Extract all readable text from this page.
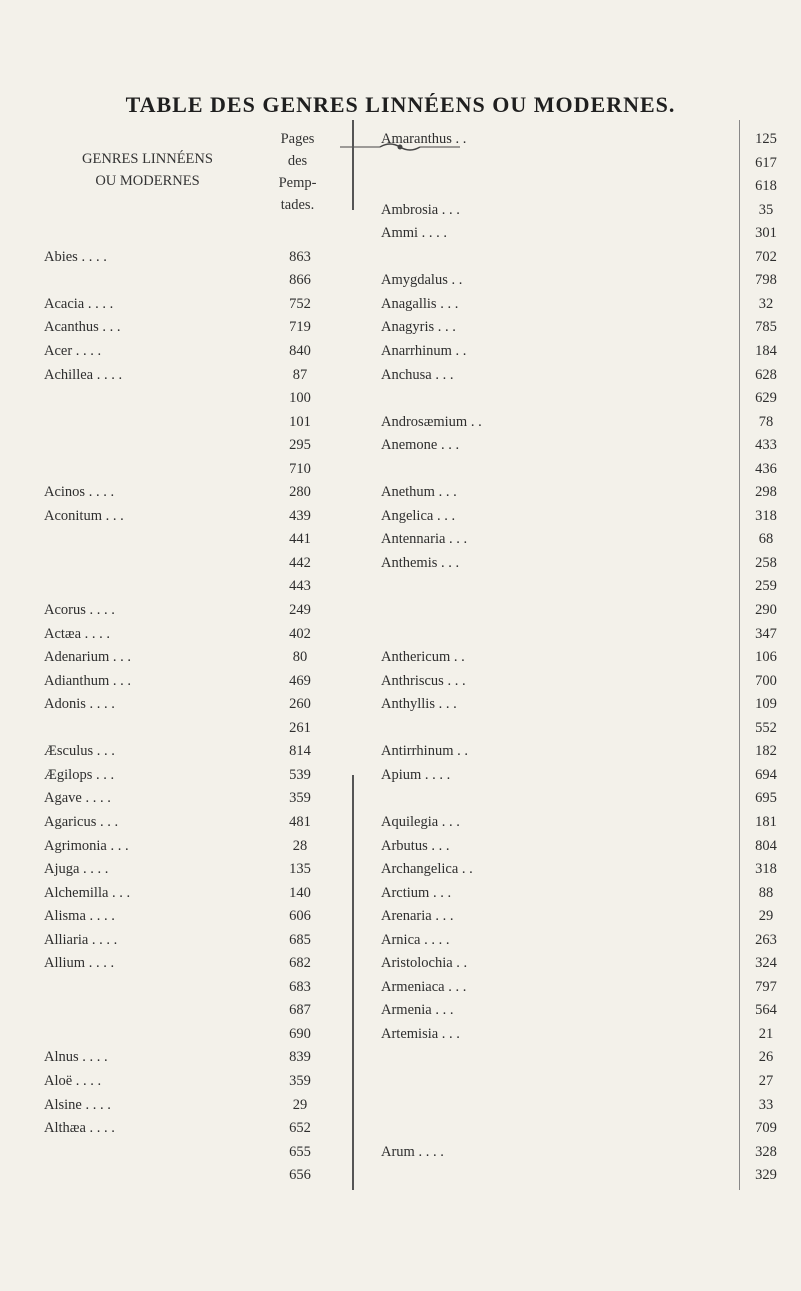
TABLE DES GENRES LINNÉENS OU MODERNES.
GENRES LINNÉENS
OU MODERNES
Pages
des
Pemp-
tades.
Abies . . . .	863
866
Acacia . . . .	752
Acanthus . . .	719
Acer . . . .	840
Achillea . . . .	87
100
101
295
710
Acinos . . . .	280
Aconitum . . .	439
441
442
443
Acorus . . . .	249
Actæa . . . .	402
Adenarium . . .	80
Adianthum . . .	469
Adonis . . . .	260
261
Æsculus . . .	814
Ægilops . . .	539
Agave . . . .	359
Agaricus . . .	481
Agrimonia . . .	28
Ajuga . . . .	135
Alchemilla . . .	140
Alisma . . . .	606
Alliaria . . . .	685
Allium . . . .	682
683
687
690
Alnus . . . .	839
Aloë . . . .	359
Alsine . . . .	29
Althæa . . . .	652
655
656
Amaranthus . .	125
617
618
Ambrosia . . .	35
Ammi . . . .	301
702
Amygdalus . .	798
Anagallis . . .	32
Anagyris . . .	785
Anarrhinum . .	184
Anchusa . . .	628
629
Androsæmium . .	78
Anemone . . .	433
436
Anethum . . .	298
Angelica . . .	318
Antennaria . . .	68
Anthemis . . .	258
259
290
347
Anthericum . .	106
Anthriscus . . .	700
Anthyllis . . .	109
552
Antirrhinum . .	182
Apium . . . .	694
695
Aquilegia . . .	181
Arbutus . . .	804
Archangelica . .	318
Arctium . . .	88
Arenaria . . .	29
Arnica . . . .	263
Aristolochia . .	324
Armeniaca . . .	797
Armenia . . .	564
Artemisia . . .	21
26
27
33
709
Arum . . . .	328
329
